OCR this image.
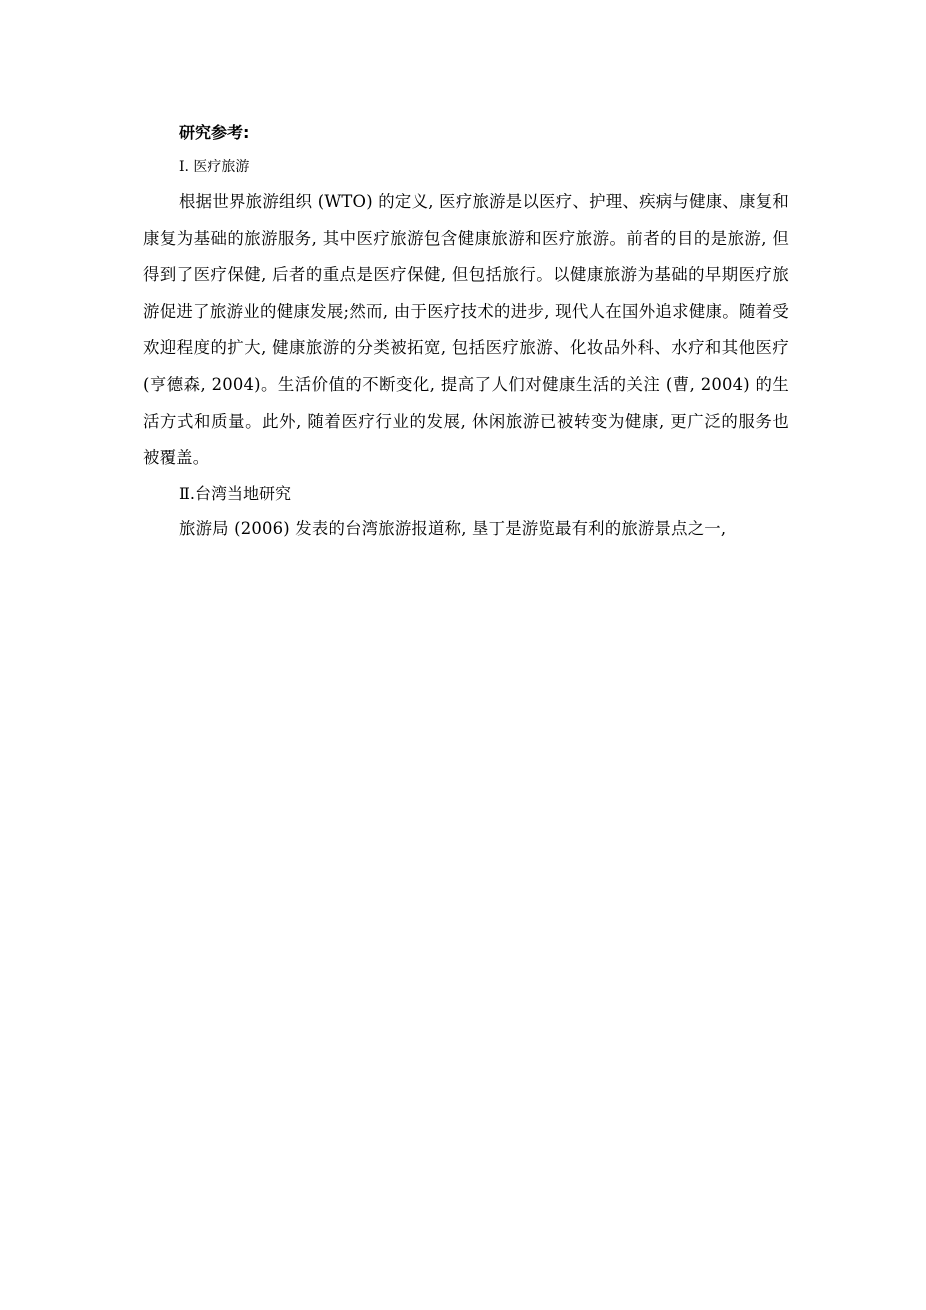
研究参考:

Ⅰ. 医疗旅游

根据世界旅游组织 (WTO) 的定义, 医疗旅游是以医疗、护理、疾病与健康、康复和康复为基础的旅游服务, 其中医疗旅游包含健康旅游和医疗旅游。前者的目的是旅游, 但得到了医疗保健, 后者的重点是医疗保健, 但包括旅行。以健康旅游为基础的早期医疗旅游促进了旅游业的健康发展;然而, 由于医疗技术的进步, 现代人在国外追求健康。随着受欢迎程度的扩大, 健康旅游的分类被拓宽, 包括医疗旅游、化妆品外科、水疗和其他医疗 (亨德森, 2004)。生活价值的不断变化, 提高了人们对健康生活的关注 (曹, 2004) 的生活方式和质量。此外, 随着医疗行业的发展, 休闲旅游已被转变为健康, 更广泛的服务也被覆盖。

Ⅱ.台湾当地研究

旅游局 (2006) 发表的台湾旅游报道称, 垦丁是游览最有利的旅游景点之一,
